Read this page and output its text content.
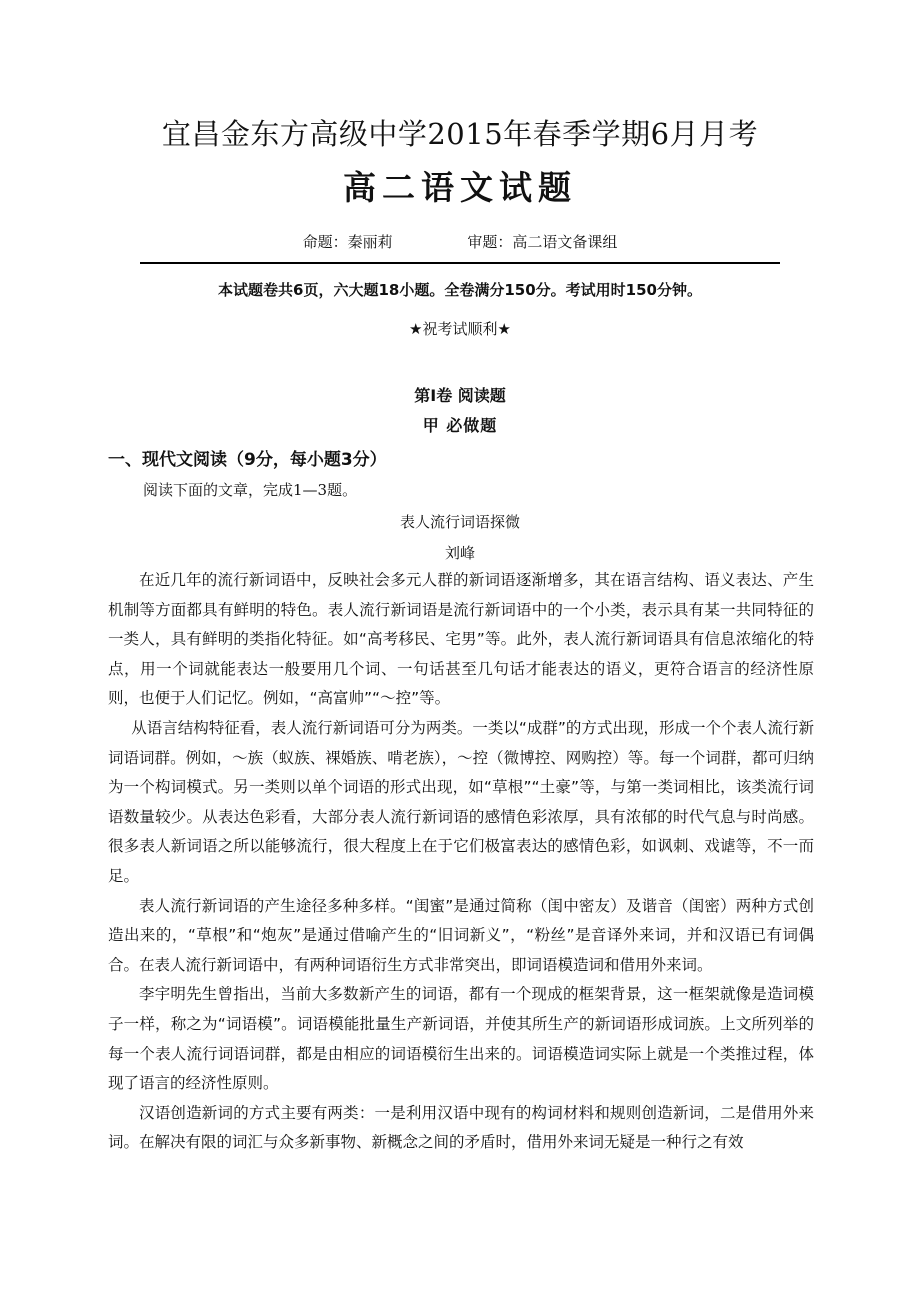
宜昌金东方高级中学2015年春季学期6月月考
高二语文试题
命题：秦丽莉	审题：高二语文备课组
本试题卷共6页，六大题18小题。全卷满分150分。考试用时150分钟。
★祝考试顺利★
第Ⅰ卷 阅读题
甲 必做题
一、现代文阅读（9分，每小题3分）
阅读下面的文章，完成1—3题。
表人流行词语探微
刘峰

在近几年的流行新词语中，反映社会多元人群的新词语逐渐增多，其在语言结构、语义表达、产生机制等方面都具有鲜明的特色。表人流行新词语是流行新词语中的一个小类，表示具有某一共同特征的一类人，具有鲜明的类指化特征。如“高考移民、宅男”等。此外，表人流行新词语具有信息浓缩化的特点，用一个词就能表达一般要用几个词、一句话甚至几句话才能表达的语义，更符合语言的经济性原则，也便于人们记忆。例如，“高富帅”“～控”等。

从语言结构特征看，表人流行新词语可分为两类。一类以“成群”的方式出现，形成一个个表人流行新词语词群。例如，～族（蚁族、裸婚族、啃老族），～控（微博控、网购控）等。每一个词群，都可归纳为一个构词模式。另一类则以单个词语的形式出现，如“草根”“土豪”等，与第一类词相比，该类流行词语数量较少。从表达色彩看，大部分表人流行新词语的感情色彩浓厚，具有浓郁的时代气息与时尚感。很多表人新词语之所以能够流行，很大程度上在于它们极富表达的感情色彩，如讽刺、戏谑等，不一而足。

表人流行新词语的产生途径多种多样。“闺蜜”是通过简称（闺中密友）及谐音（闺密）两种方式创造出来的，“草根”和“炮灰”是通过借喻产生的“旧词新义”，“粉丝”是音译外来词，并和汉语已有词偶合。在表人流行新词语中，有两种词语衍生方式非常突出，即词语模造词和借用外来词。

李宇明先生曾指出，当前大多数新产生的词语，都有一个现成的框架背景，这一框架就像是造词模子一样，称之为“词语模”。词语模能批量生产新词语，并使其所生产的新词语形成词族。上文所列举的每一个表人流行词语词群，都是由相应的词语模衍生出来的。词语模造词实际上就是一个类推过程，体现了语言的经济性原则。

汉语创造新词的方式主要有两类：一是利用汉语中现有的构词材料和规则创造新词，二是借用外来词。在解决有限的词汇与众多新事物、新概念之间的矛盾时，借用外来词无疑是一种行之有效
